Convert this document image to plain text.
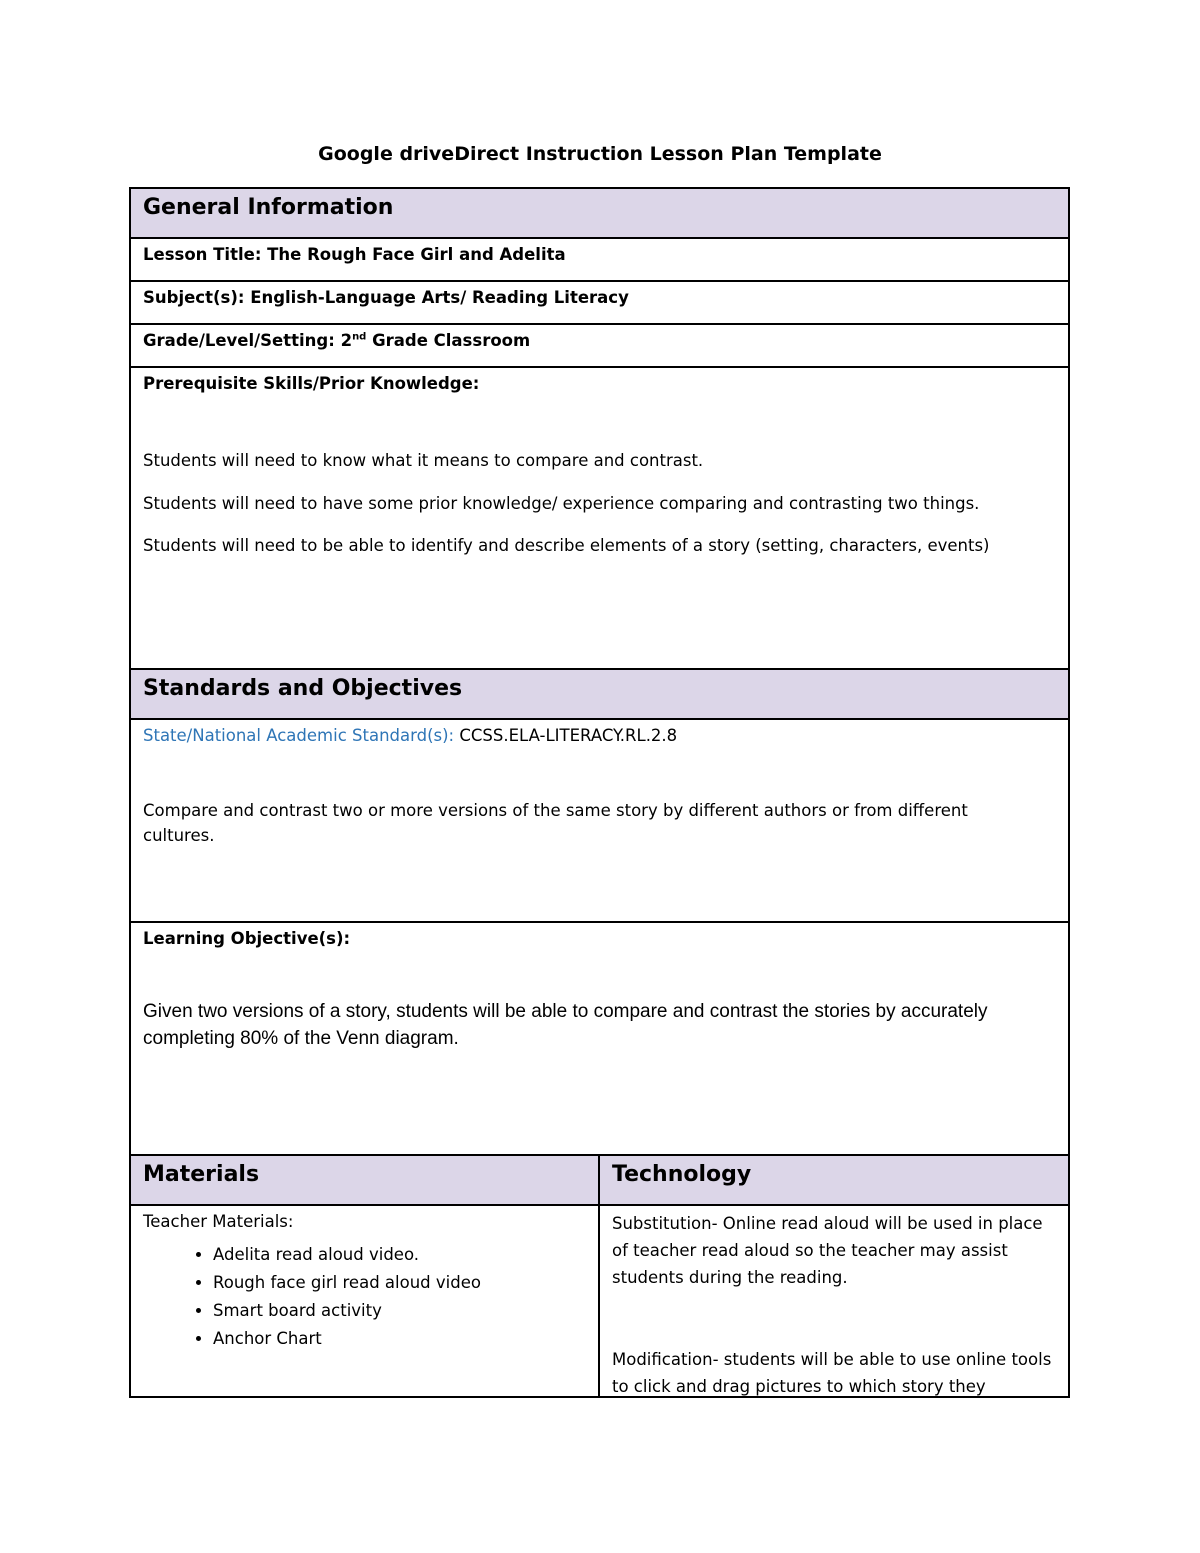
Google driveDirect Instruction Lesson Plan Template
General Information

Lesson Title: The Rough Face Girl and Adelita

Subject(s): English-Language Arts/ Reading Literacy

Grade/Level/Setting: 2nd Grade Classroom

Prerequisite Skills/Prior Knowledge:

Students will need to know what it means to compare and contrast.

Students will need to have some prior knowledge/ experience comparing and contrasting two things.

Students will need to be able to identify and describe elements of a story (setting, characters, events)

Standards and Objectives

State/National Academic Standard(s): CCSS.ELA-LITERACY.RL.2.8

Compare and contrast two or more versions of the same story by different authors or from different cultures.

Learning Objective(s):

Given two versions of a story, students will be able to compare and contrast the stories by accurately completing 80% of the Venn diagram.

Materials	Technology

Teacher Materials:

• Adelita read aloud video.
• Rough face girl read aloud video
• Smart board activity
• Anchor Chart

Substitution- Online read aloud will be used in place of teacher read aloud so the teacher may assist students during the reading.

Modification- students will be able to use online tools to click and drag pictures to which story they
